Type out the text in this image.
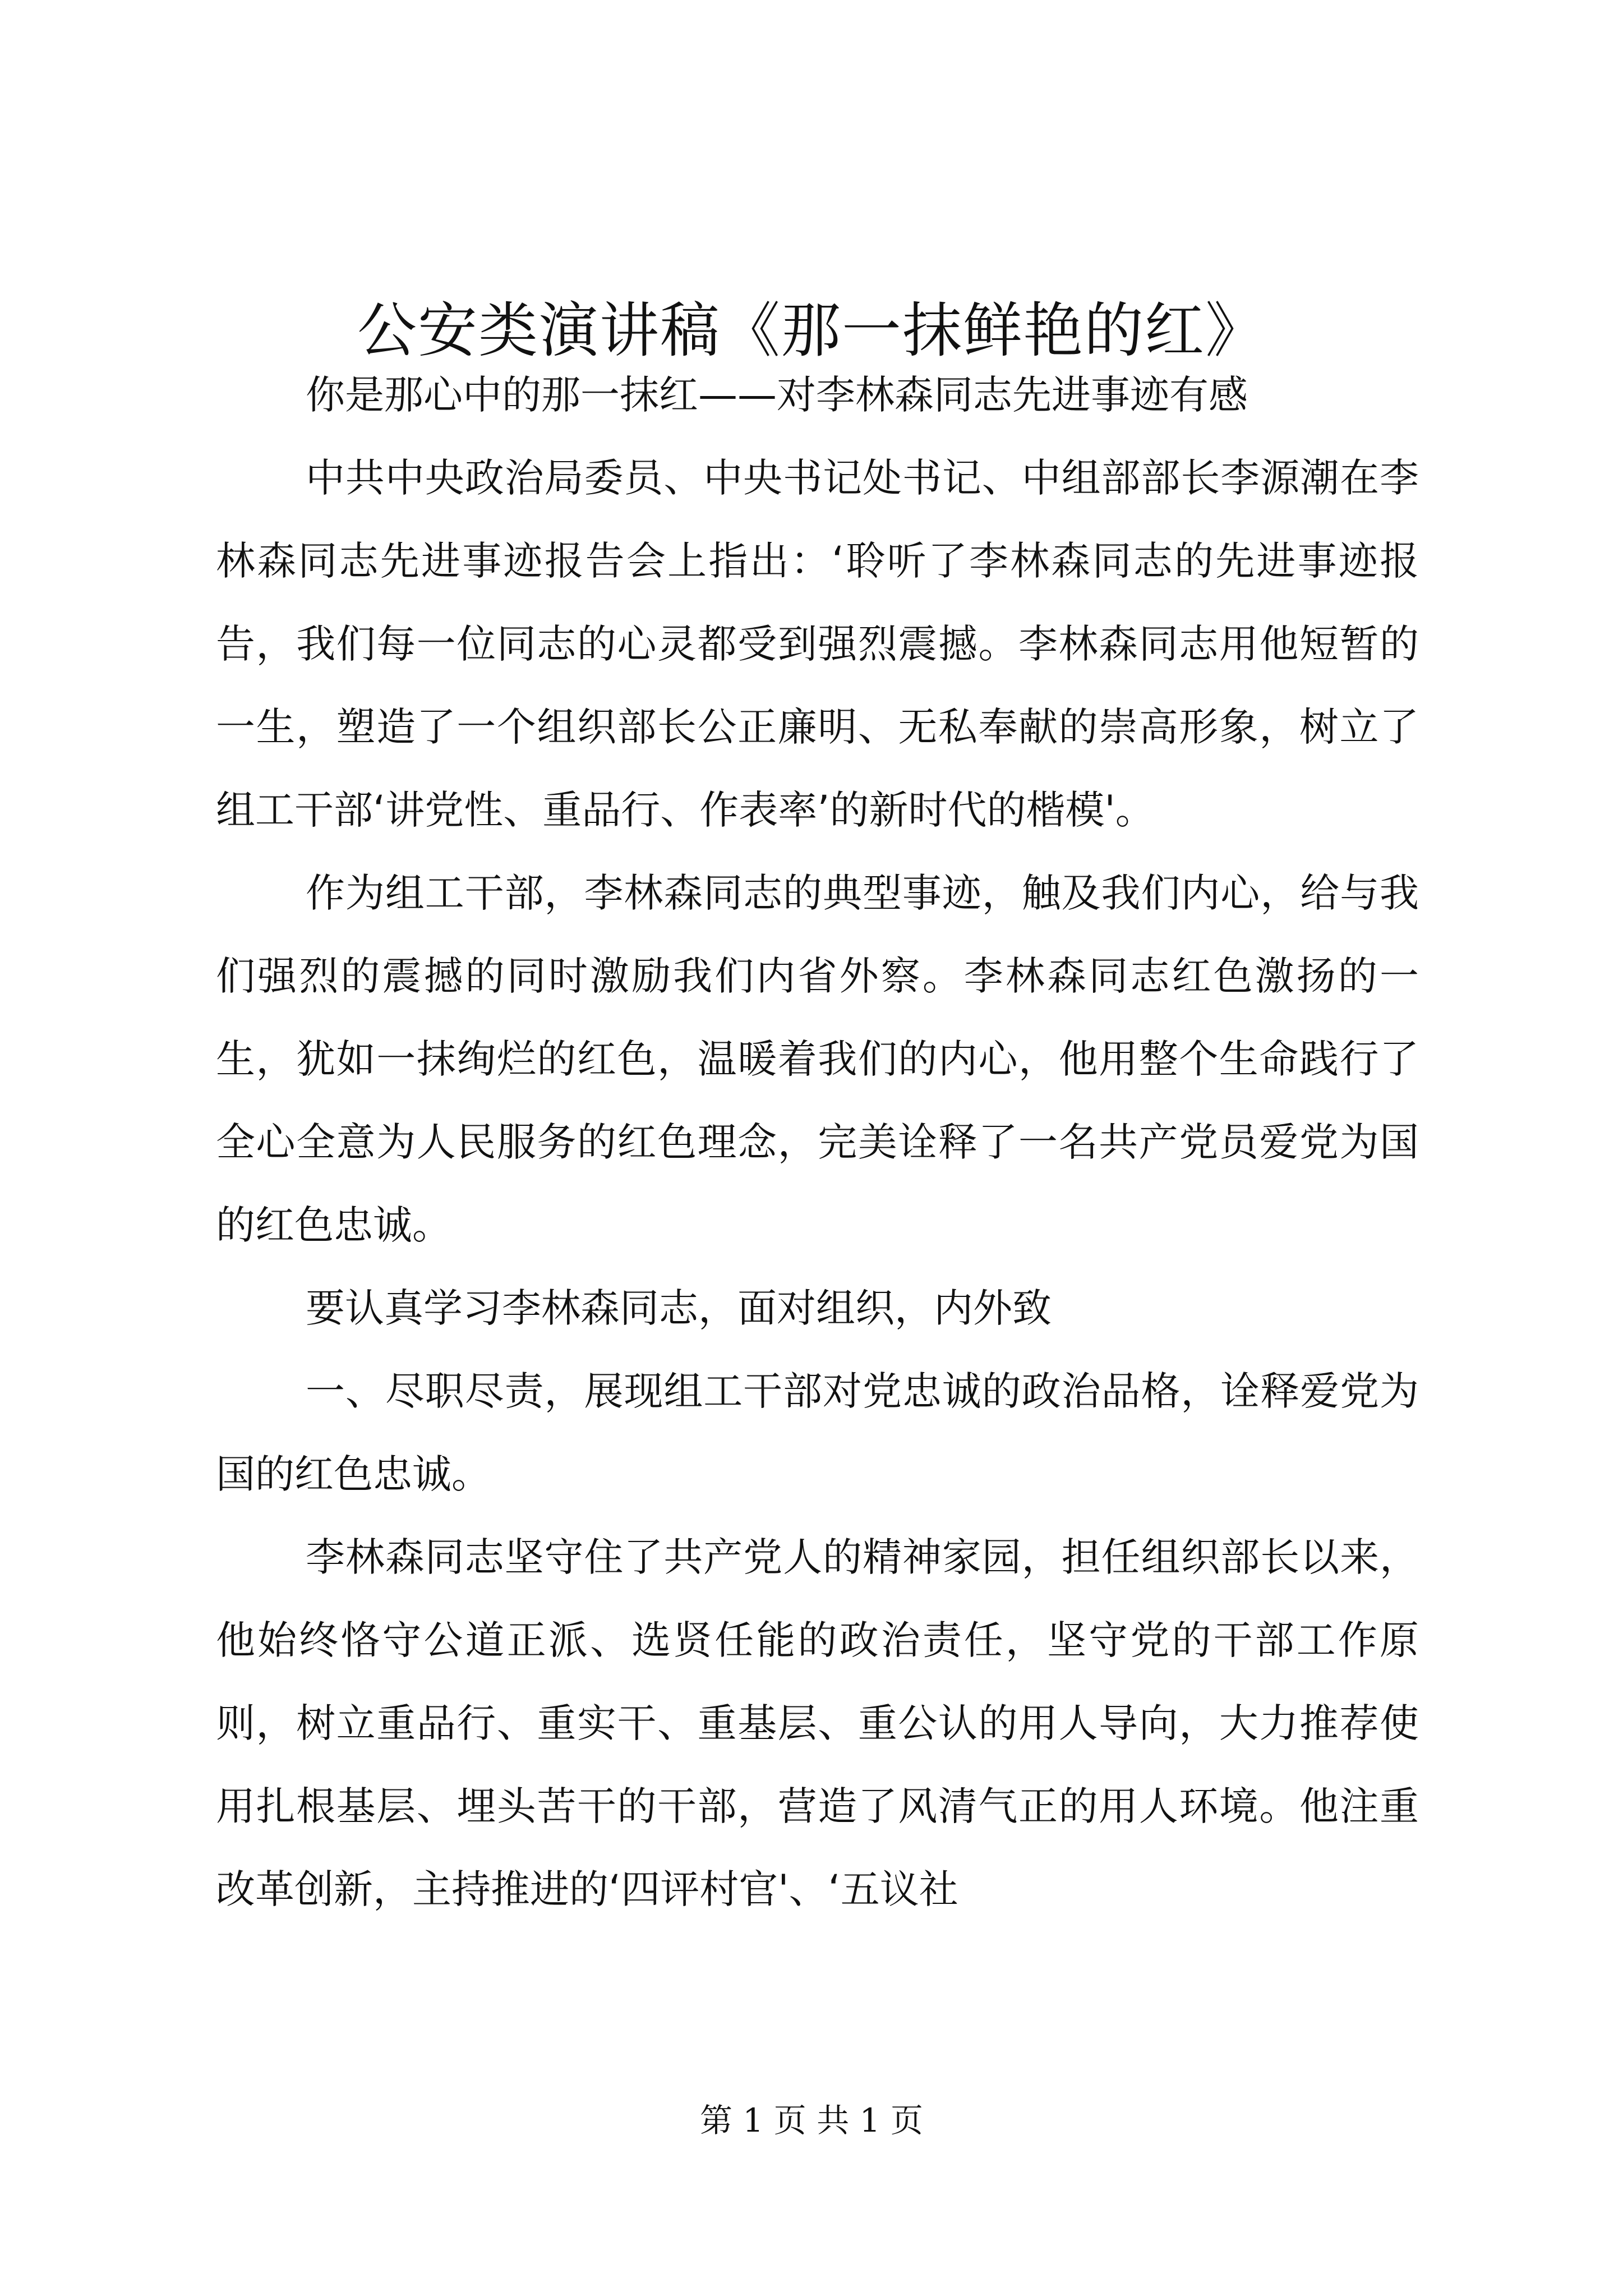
公安类演讲稿《那一抹鲜艳的红》

你是那心中的那一抹红——对李林森同志先进事迹有感

中共中央政治局委员、中央书记处书记、中组部部长李源潮在李林森同志先进事迹报告会上指出：‘聆听了李林森同志的先进事迹报告，我们每一位同志的心灵都受到强烈震撼。李林森同志用他短暂的一生，塑造了一个组织部长公正廉明、无私奉献的崇高形象，树立了组工干部‘讲党性、重品行、作表率’的新时代的楷模'。

作为组工干部，李林森同志的典型事迹，触及我们内心，给与我们强烈的震撼的同时激励我们内省外察。李林森同志红色激扬的一生，犹如一抹绚烂的红色，温暖着我们的内心，他用整个生命践行了全心全意为人民服务的红色理念，完美诠释了一名共产党员爱党为国的红色忠诚。

要认真学习李林森同志，面对组织，内外致

一、尽职尽责，展现组工干部对党忠诚的政治品格，诠释爱党为国的红色忠诚。

李林森同志坚守住了共产党人的精神家园，担任组织部长以来，他始终恪守公道正派、选贤任能的政治责任，坚守党的干部工作原则，树立重品行、重实干、重基层、重公认的用人导向，大力推荐使用扎根基层、埋头苦干的干部，营造了风清气正的用人环境。他注重改革创新，主持推进的‘四评村官'、‘五议社

第 1 页 共 1 页
